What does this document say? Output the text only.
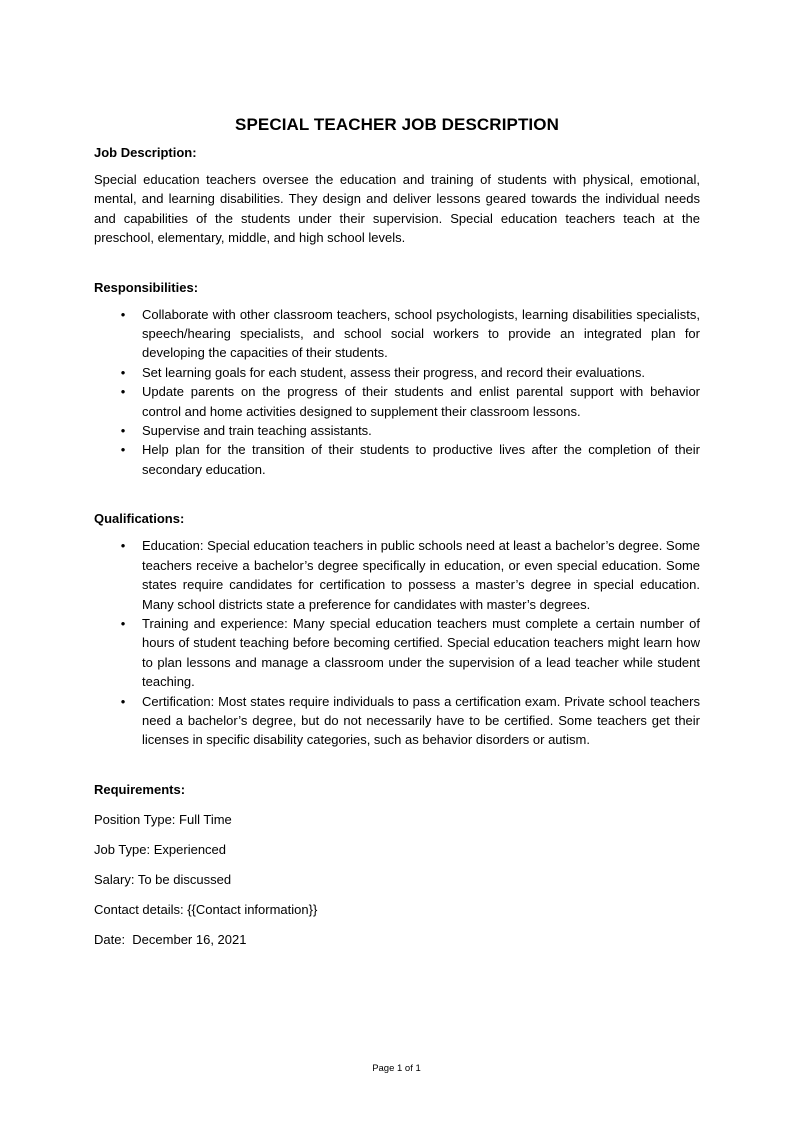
SPECIAL TEACHER JOB DESCRIPTION

Job Description:

Special education teachers oversee the education and training of students with physical, emotional, mental, and learning disabilities. They design and deliver lessons geared towards the individual needs and capabilities of the students under their supervision. Special education teachers teach at the preschool, elementary, middle, and high school levels.

Responsibilities:

• Collaborate with other classroom teachers, school psychologists, learning disabilities specialists, speech/hearing specialists, and school social workers to provide an integrated plan for developing the capacities of their students.
• Set learning goals for each student, assess their progress, and record their evaluations.
• Update parents on the progress of their students and enlist parental support with behavior control and home activities designed to supplement their classroom lessons.
• Supervise and train teaching assistants.
• Help plan for the transition of their students to productive lives after the completion of their secondary education.

Qualifications:

• Education: Special education teachers in public schools need at least a bachelor’s degree. Some teachers receive a bachelor’s degree specifically in education, or even special education. Some states require candidates for certification to possess a master’s degree in special education. Many school districts state a preference for candidates with master’s degrees.
• Training and experience: Many special education teachers must complete a certain number of hours of student teaching before becoming certified. Special education teachers might learn how to plan lessons and manage a classroom under the supervision of a lead teacher while student teaching.
• Certification: Most states require individuals to pass a certification exam. Private school teachers need a bachelor’s degree, but do not necessarily have to be certified. Some teachers get their licenses in specific disability categories, such as behavior disorders or autism.

Requirements:

Position Type: Full Time

Job Type: Experienced

Salary: To be discussed

Contact details: {{Contact information}}

Date:  December 16, 2021

Page 1 of 1
